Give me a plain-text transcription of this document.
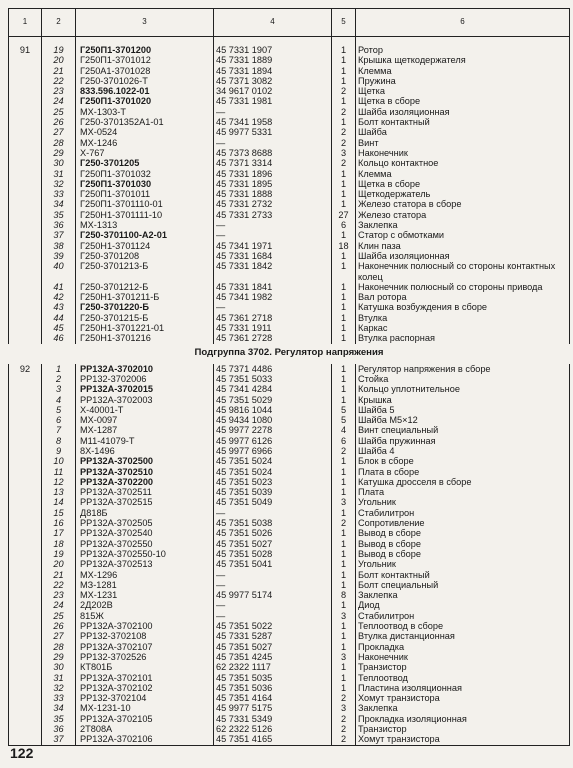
1	2	3	4	5	6

91	19	Г250П1-3701200	45 7331 1907	1	Ротор
	20	Г250П1-3701012	45 7331 1889	1	Крышка щеткодержателя
	21	Г250А1-3701028	45 7331 1894	1	Клемма
	22	Г250-3701026-Т	45 7371 3082	1	Пружина
	23	833.596.1022-01	34 9617 0102	2	Щетка
	24	Г250П1-3701020	45 7331 1981	1	Щетка в сборе
	25	МХ-1303-Т	—	2	Шайба изоляционная
	26	Г250-3701352А1-01	45 7341 1958	1	Болт контактный
	27	МХ-0524	45 9977 5331	2	Шайба
	28	МХ-1246	—	2	Винт
	29	Х-767	45 7373 8688	3	Наконечник
	30	Г250-3701205	45 7371 3314	2	Кольцо контактное
	31	Г250П1-3701032	45 7331 1896	1	Клемма
	32	Г250П1-3701030	45 7331 1895	1	Щетка в сборе
	33	Г250П1-3701011	45 7331 1888	1	Щеткодержатель
	34	Г250П1-3701110-01	45 7331 2732	1	Железо статора в сборе
	35	Г250Н1-3701111-10	45 7331 2733	27	Железо статора
	36	МХ-1313	—	6	Заклепка
	37	Г250-3701100-А2-01	—	1	Статор с обмотками
	38	Г250Н1-3701124	45 7341 1971	18	Клин паза
	39	Г250-3701208	45 7331 1684	1	Шайба изоляционная
	40	Г250-3701213-Б	45 7331 1842	1	Наконечник полюсный со стороны контактных колец
	41	Г250-3701212-Б	45 7331 1841	1	Наконечник полюсный со стороны привода
	42	Г250Н1-3701211-Б	45 7341 1982	1	Вал ротора
	43	Г250-3701220-Б	—	1	Катушка возбуждения в сборе
	44	Г250-3701215-Б	45 7361 2718	1	Втулка
	45	Г250Н1-3701221-01	45 7331 1911	1	Каркас
	46	Г250Н1-3701216	45 7361 2728	1	Втулка распорная
Подгруппа 3702. Регулятор напряжения					
92	1	РР132А-3702010	45 7371 4486	1	Регулятор напряжения в сборе
	2	РР132-3702006	45 7351 5033	1	Стойка
	3	РР132А-3702015	45 7341 4284	1	Кольцо уплотнительное
	4	РР132А-3702003	45 7351 5029	1	Крышка
	5	Х-40001-Т	45 9816 1044	5	Шайба 5
	6	МХ-0097	45 9434 1080	5	Шайба М5×12
	7	МХ-1287	45 9977 2278	4	Винт специальный
	8	М11-41079-Т	45 9977 6126	6	Шайба пружинная
	9	8Х-1496	45 9977 6966	2	Шайба 4
	10	РР132А-3702500	45 7351 5024	1	Блок в сборе
	11	РР132А-3702510	45 7351 5024	1	Плата в сборе
	12	РР132А-3702200	45 7351 5023	1	Катушка дросселя в сборе
	13	РР132А-3702511	45 7351 5039	1	Плата
	14	РР132А-3702515	45 7351 5049	3	Угольник
	15	Д818Б	—	1	Стабилитрон
	16	РР132А-3702505	45 7351 5038	2	Сопротивление
	17	РР132А-3702540	45 7351 5026	1	Вывод в сборе
	18	РР132А-3702550	45 7351 5027	1	Вывод в сборе
	19	РР132А-3702550-10	45 7351 5028	1	Вывод в сборе
	20	РР132А-3702513	45 7351 5041	1	Угольник
	21	МХ-1296	—	1	Болт контактный
	22	МЗ-1281	—	1	Болт специальный
	23	МХ-1231	45 9977 5174	8	Заклепка
	24	2Д202В	—	1	Диод
	25	815Ж	—	3	Стабилитрон
	26	РР132А-3702100	45 7351 5022	1	Теплоотвод в сборе
	27	РР132-3702108	45 7331 5287	1	Втулка дистанционная
	28	РР132А-3702107	45 7351 5027	1	Прокладка
	29	РР132-3702526	45 7351 4245	3	Наконечник
	30	КТ801Б	62 2322 1117	1	Транзистор
	31	РР132А-3702101	45 7351 5035	1	Теплоотвод
	32	РР132А-3702102	45 7351 5036	1	Пластина изоляционная
	33	РР132-3702104	45 7351 4164	2	Хомут транзистора
	34	МХ-1231-10	45 9977 5175	3	Заклепка
	35	РР132А-3702105	45 7331 5349	2	Прокладка изоляционная
	36	2Т808А	62 2322 5126	2	Транзистор
	37	РР132А-3702106	45 7351 4165	2	Хомут транзистора
122
